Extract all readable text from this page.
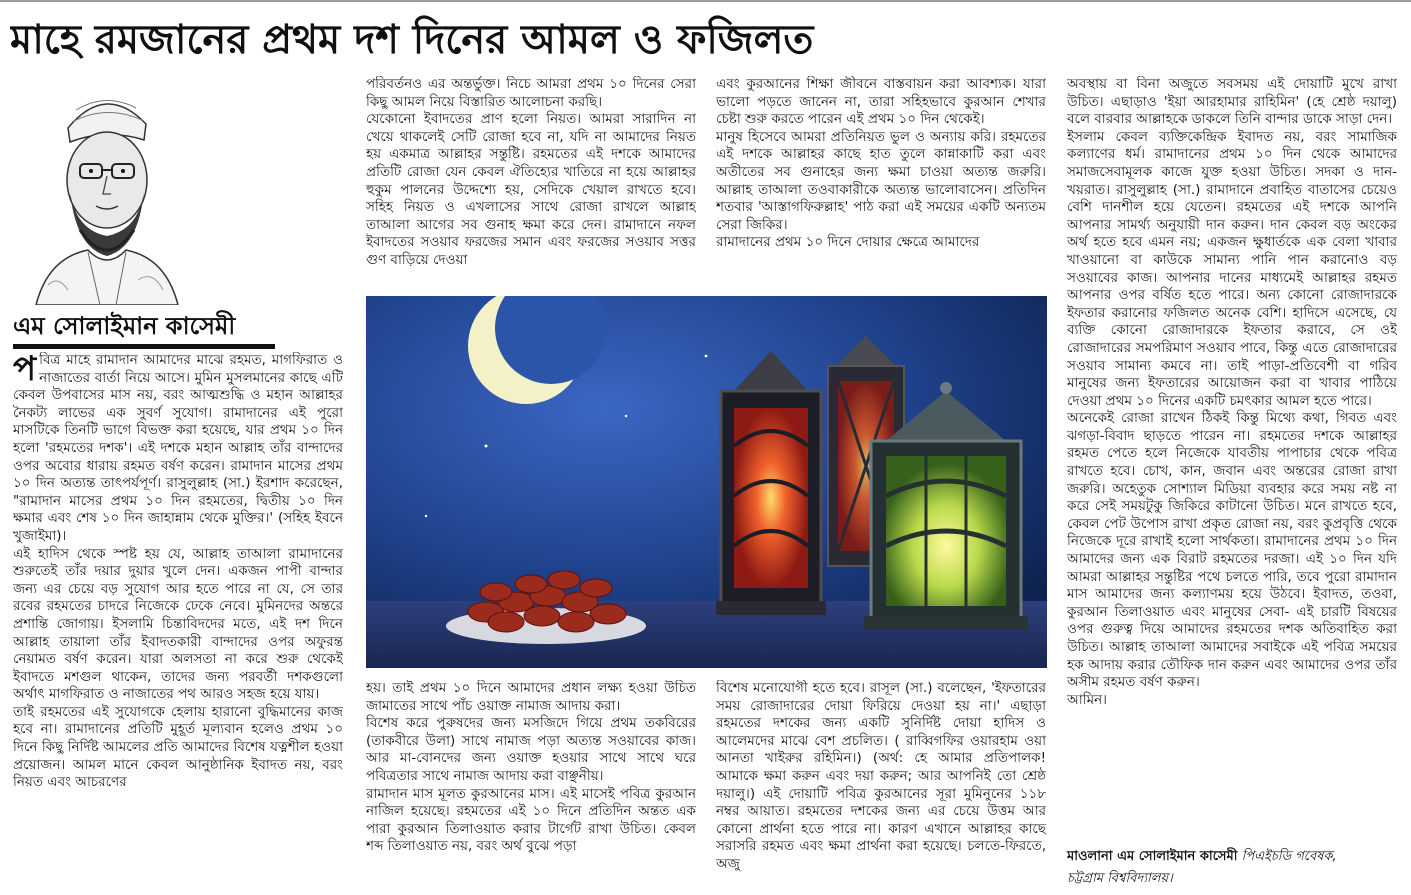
মাহে রমজানের প্রথম দশ দিনের আমল ও ফজিলত
এম সোলাইমান কাসেমী

পবিত্র মাহে রামাদান আমাদের মাঝে রহমত, মাগফিরাত ও নাজাতের বার্তা নিয়ে আসে। মুমিন মুসলমানের কাছে এটি কেবল উপবাসের মাস নয়, বরং আত্মশুদ্ধি ও মহান আল্লাহর নৈকট্য লাভের এক সুবর্ণ সুযোগ। রামাদানের এই পুরো মাসটিকে তিনটি ভাগে বিভক্ত করা হয়েছে, যার প্রথম ১০ দিন হলো 'রহমতের দশক'। এই দশকে মহান আল্লাহ তাঁর বান্দাদের ওপর অবোর ধারায় রহমত বর্ষণ করেন। রামাদান মাসের প্রথম ১০ দিন অত্যন্ত তাৎপর্যপূর্ণ। রাসুলুল্লাহ (সা.) ইরশাদ করেছেন, "রামাদান মাসের প্রথম ১০ দিন রহমতের, দ্বিতীয় ১০ দিন ক্ষমার এবং শেষ ১০ দিন জাহান্নাম থেকে মুক্তির।' (সহিহ ইবনে খুজাইমা)।

এই হাদিস থেকে স্পষ্ট হয় যে, আল্লাহ তাআলা রামাদানের শুরুতেই তাঁর দয়ার দুয়ার খুলে দেন। একজন পাপী বান্দার জন্য এর চেয়ে বড় সুযোগ আর হতে পারে না যে, সে তার রবের রহমতের চাদরে নিজেকে ঢেকে নেবে। মুমিনদের অন্তরে প্রশান্তি জোগায়। ইসলামি চিন্তাবিদদের মতে, এই দশ দিনে আল্লাহ তায়ালা তাঁর ইবাদতকারী বান্দাদের ওপর অফুরন্ত নেয়ামত বর্ষণ করেন। যারা অলসতা না করে শুরু থেকেই ইবাদতে মশগুল থাকেন, তাদের জন্য পরবর্তী দশকগুলো অর্থাৎ মাগফিরাত ও নাজাতের পথ আরও সহজ হয়ে যায়।

তাই রহমতের এই সুযোগকে হেলায় হারানো বুদ্ধিমানের কাজ হবে না। রামাদানের প্রতিটি মুহূর্ত মূল্যবান হলেও প্রথম ১০ দিনে কিছু নির্দিষ্ট আমলের প্রতি আমাদের বিশেষ যত্নশীল হওয়া প্রয়োজন। আমল মানে কেবল আনুষ্ঠানিক ইবাদত নয়, বরং নিয়ত এবং আচরণের

পরিবর্তনও এর অন্তর্ভুক্ত। নিচে আমরা প্রথম ১০ দিনের সেরা কিছু আমল নিয়ে বিস্তারিত আলোচনা করছি।

যেকোনো ইবাদতের প্রাণ হলো নিয়ত। আমরা সারাদিন না খেয়ে থাকলেই সেটি রোজা হবে না, যদি না আমাদের নিয়ত হয় একমাত্র আল্লাহর সন্তুষ্টি। রহমতের এই দশকে আমাদের প্রতিটি রোজা যেন কেবল ঐতিহ্যের খাতিরে না হয়ে আল্লাহর হুকুম পালনের উদ্দেশ্যে হয়, সেদিকে খেয়াল রাখতে হবে। সহিহ নিয়ত ও এখলাসের সাথে রোজা রাখলে আল্লাহ তাআলা আগের সব গুনাহ ক্ষমা করে দেন। রামাদানে নফল ইবাদতের সওয়াব ফরজের সমান এবং ফরজের সওয়াব সত্তর গুণ বাড়িয়ে দেওয়া

এবং কুরআনের শিক্ষা জীবনে বাস্তবায়ন করা আবশ্যক। যারা ভালো পড়তে জানেন না, তারা সহিহভাবে কুরআন শেখার চেষ্টা শুরু করতে পারেন এই প্রথম ১০ দিন থেকেই।

মানুষ হিসেবে আমরা প্রতিনিয়ত ভুল ও অন্যায় করি। রহমতের এই দশকে আল্লাহর কাছে হাত তুলে কান্নাকাটি করা এবং অতীতের সব গুনাহের জন্য ক্ষমা চাওয়া অত্যন্ত জরুরি। আল্লাহ তাআলা তওবাকারীকে অত্যন্ত ভালোবাসেন। প্রতিদিন শতবার 'আস্তাগফিরুল্লাহ' পাঠ করা এই সময়ের একটি অন্যতম সেরা জিকির।

রামাদানের প্রথম ১০ দিনে দোয়ার ক্ষেত্রে আমাদের

হয়। তাই প্রথম ১০ দিনে আমাদের প্রধান লক্ষ্য হওয়া উচিত জামাতের সাথে পাঁচ ওয়াক্ত নামাজ আদায় করা।

বিশেষ করে পুরুষদের জন্য মসজিদে গিয়ে প্রথম তকবিরের (তাকবীরে উলা) সাথে নামাজ পড়া অত্যন্ত সওয়াবের কাজ। আর মা-বোনদের জন্য ওয়াক্ত হওয়ার সাথে সাথে ঘরে পবিত্রতার সাথে নামাজ আদায় করা বাঞ্ছনীয়।

রামাদান মাস মূলত কুরআনের মাস। এই মাসেই পবিত্র কুরআন নাজিল হয়েছে। রহমতের এই ১০ দিনে প্রতিদিন অন্তত এক পারা কুরআন তিলাওয়াত করার টার্গেট রাখা উচিত। কেবল শব্দ তিলাওয়াত নয়, বরং অর্থ বুঝে পড়া

বিশেষ মনোযোগী হতে হবে। রাসূল (সা.) বলেছেন, 'ইফতারের সময় রোজাদারের দোয়া ফিরিয়ে দেওয়া হয় না।' এছাড়া রহমতের দশকের জন্য একটি সুনির্দিষ্ট দোয়া হাদিস ও আলেমদের মাঝে বেশ প্রচলিত। ( রাব্বিগফির ওয়ারহাম ওয়া আনতা খাইরুর রহিমিন।) (অর্থ: হে আমার প্রতিপালক! আমাকে ক্ষমা করুন এবং দয়া করুন; আর আপনিই তো শ্রেষ্ঠ দয়ালু।) এই দোয়াটি পবিত্র কুরআনের সূরা মুমিনুনের ১১৮ নম্বর আয়াত। রহমতের দশকের জন্য এর চেয়ে উত্তম আর কোনো প্রার্থনা হতে পারে না। কারণ এখানে আল্লাহর কাছে সরাসরি রহমত এবং ক্ষমা প্রার্থনা করা হয়েছে। চলতে-ফিরতে, অজু

অবস্থায় বা বিনা অজুতে সবসময় এই দোয়াটি মুখে রাখা উচিত। এছাড়াও 'ইয়া আরহামার রাহিমিন' (হে শ্রেষ্ঠ দয়ালু) বলে বারবার আল্লাহকে ডাকলে তিনি বান্দার ডাকে সাড়া দেন।

ইসলাম কেবল ব্যক্তিকেন্দ্রিক ইবাদত নয়, বরং সামাজিক কল্যাণের ধর্ম। রামাদানের প্রথম ১০ দিন থেকে আমাদের সমাজসেবামূলক কাজে যুক্ত হওয়া উচিত। সদকা ও দান-খয়রাত। রাসুলুল্লাহ (সা.) রামাদানে প্রবাহিত বাতাসের চেয়েও বেশি দানশীল হয়ে যেতেন। রহমতের এই দশকে আপনি আপনার সামর্থ্য অনুযায়ী দান করুন। দান কেবল বড় অংকের অর্থ হতে হবে এমন নয়; একজন ক্ষুধার্তকে এক বেলা খাবার খাওয়ানো বা কাউকে সামান্য পানি পান করানোও বড় সওয়াবের কাজ। আপনার দানের মাধ্যমেই আল্লাহর রহমত আপনার ওপর বর্ষিত হতে পারে। অন্য কোনো রোজাদারকে ইফতার করানোর ফজিলত অনেক বেশি। হাদিসে এসেছে, যে ব্যক্তি কোনো রোজাদারকে ইফতার করাবে, সে ওই রোজাদারের সমপরিমাণ সওয়াব পাবে, কিন্তু এতে রোজাদারের সওয়াব সামান্য কমবে না। তাই পাড়া-প্রতিবেশী বা গরিব মানুষের জন্য ইফতারের আয়োজন করা বা খাবার পাঠিয়ে দেওয়া প্রথম ১০ দিনের একটি চমৎকার আমল হতে পারে।

অনেকেই রোজা রাখেন ঠিকই কিন্তু মিথ্যে কথা, গিবত এবং ঝগড়া-বিবাদ ছাড়তে পারেন না। রহমতের দশকে আল্লাহর রহমত পেতে হলে নিজেকে যাবতীয় পাপাচার থেকে পবিত্র রাখতে হবে। চোখ, কান, জবান এবং অন্তরের রোজা রাখা জরুরি। অহেতুক সোশ্যাল মিডিয়া ব্যবহার করে সময় নষ্ট না করে সেই সময়টুকু জিকিরে কাটানো উচিত। মনে রাখতে হবে, কেবল পেট উপোস রাখা প্রকৃত রোজা নয়, বরং কুপ্রবৃত্তি থেকে নিজেকে দূরে রাখাই হলো সার্থকতা। রামাদানের প্রথম ১০ দিন আমাদের জন্য এক বিরাট রহমতের দরজা। এই ১০ দিন যদি আমরা আল্লাহর সন্তুষ্টির পথে চলতে পারি, তবে পুরো রামাদান মাস আমাদের জন্য কল্যাণময় হয়ে উঠবে। ইবাদত, তওবা, কুরআন তিলাওয়াত এবং মানুষের সেবা- এই চারটি বিষয়ের ওপর গুরুত্ব দিয়ে আমাদের রহমতের দশক অতিবাহিত করা উচিত। আল্লাহ তাআলা আমাদের সবাইকে এই পবিত্র সময়ের হক আদায় করার তৌফিক দান করুন এবং আমাদের ওপর তাঁর অসীম রহমত বর্ষণ করুন।

আমিন।

মাওলানা এম সোলাইমান কাসেমী পিএইচডি গবেষক,
চট্টগ্রাম বিশ্ববিদ্যালয়।
